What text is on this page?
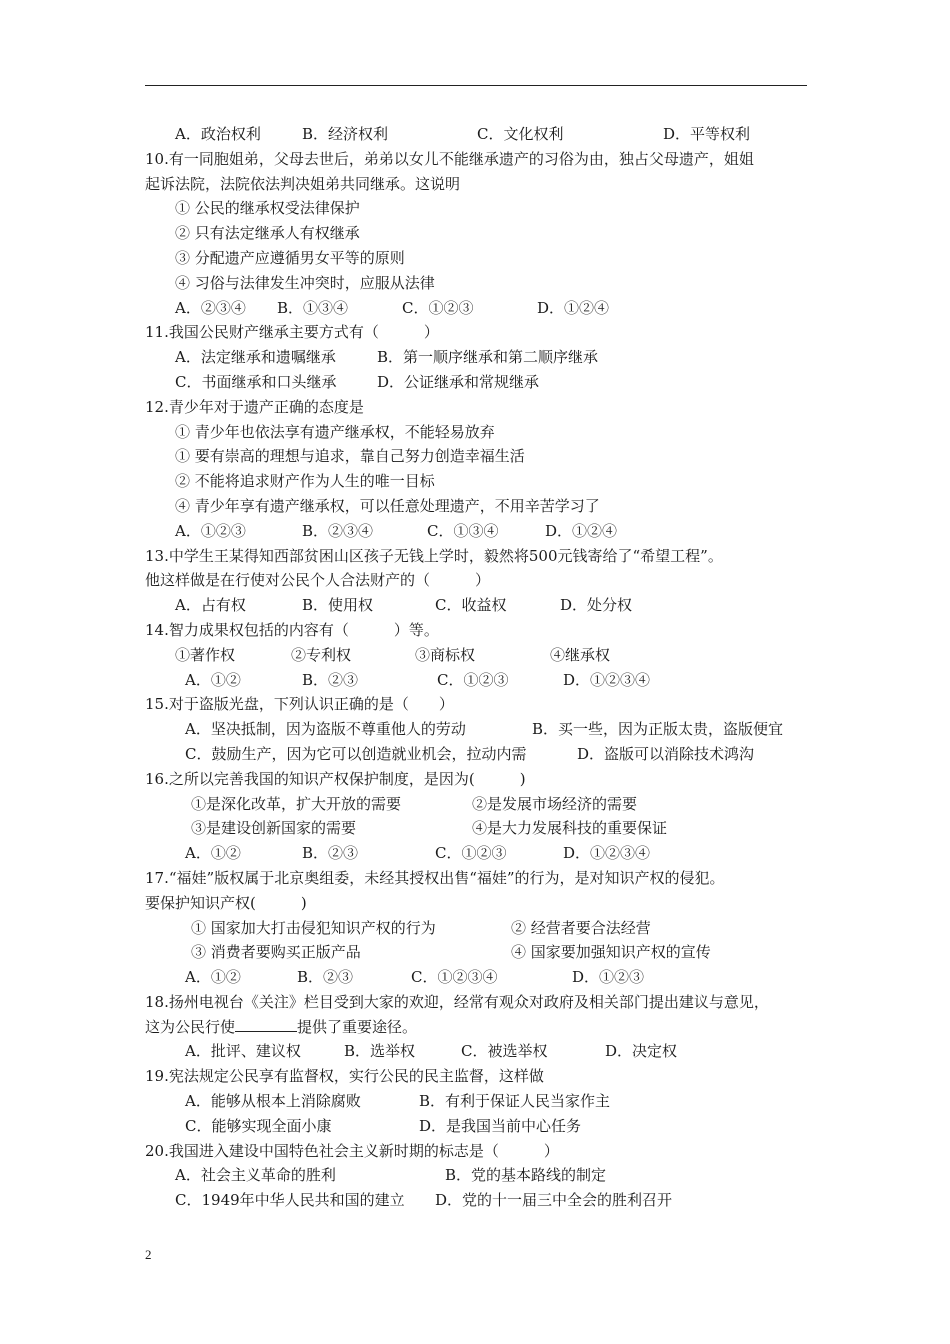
A．政治权利	B．经济权利	C．文化权利	D．平等权利
10.有一同胞姐弟，父母去世后，弟弟以女儿不能继承遗产的习俗为由，独占父母遗产，姐姐
起诉法院，法院依法判决姐弟共同继承。这说明
① 公民的继承权受法律保护
② 只有法定继承人有权继承
③ 分配遗产应遵循男女平等的原则
④ 习俗与法律发生冲突时，应服从法律
A．②③④ B．①③④	C．①②③	D．①②④
11.我国公民财产继承主要方式有（　　　）
A．法定继承和遗嘱继承	B．第一顺序继承和第二顺序继承
C．书面继承和口头继承	D．公证继承和常规继承
12.青少年对于遗产正确的态度是
① 青少年也依法享有遗产继承权，不能轻易放弃
① 要有崇高的理想与追求，靠自己努力创造幸福生活
② 不能将追求财产作为人生的唯一目标
④ 青少年享有遗产继承权，可以任意处理遗产，不用辛苦学习了
A．①②③	B．②③④	C．①③④	D．①②④
13.中学生王某得知西部贫困山区孩子无钱上学时，毅然将500元钱寄给了“希望工程”。
他这样做是在行使对公民个人合法财产的（　　　）
A．占有权	B．使用权	C．收益权	D．处分权
14.智力成果权包括的内容有（　　　）等。
①著作权	②专利权	③商标权	④继承权
A．①②	B．②③	C．①②③	D．①②③④
15.对于盗版光盘，下列认识正确的是（　　）
A．坚决抵制，因为盗版不尊重他人的劳动	B．买一些，因为正版太贵，盗版便宜
C．鼓励生产，因为它可以创造就业机会，拉动内需	D．盗版可以消除技术鸿沟
16.之所以完善我国的知识产权保护制度，是因为(　　　)
①是深化改革，扩大开放的需要	②是发展市场经济的需要
③是建设创新国家的需要	④是大力发展科技的重要保证
A．①②	B．②③	C．①②③	D．①②③④
17.“福娃”版权属于北京奥组委，未经其授权出售“福娃”的行为，是对知识产权的侵犯。
要保护知识产权(　　　)
① 国家加大打击侵犯知识产权的行为	② 经营者要合法经营
③ 消费者要购买正版产品	④ 国家要加强知识产权的宣传
A．①②	B．②③	C．①②③④	D．①②③
18.扬州电视台《关注》栏目受到大家的欢迎，经常有观众对政府及相关部门提出建议与意见，
这为公民行使	提供了重要途径。
A．批评、建议权	B．选举权	C．被选举权	D．决定权
19.宪法规定公民享有监督权，实行公民的民主监督，这样做
A．能够从根本上消除腐败	B．有利于保证人民当家作主
C．能够实现全面小康	D．是我国当前中心任务
20.我国进入建设中国特色社会主义新时期的标志是（　　　）
A．社会主义革命的胜利	B．党的基本路线的制定
C．1949年中华人民共和国的建立 D．党的十一届三中全会的胜利召开
2
